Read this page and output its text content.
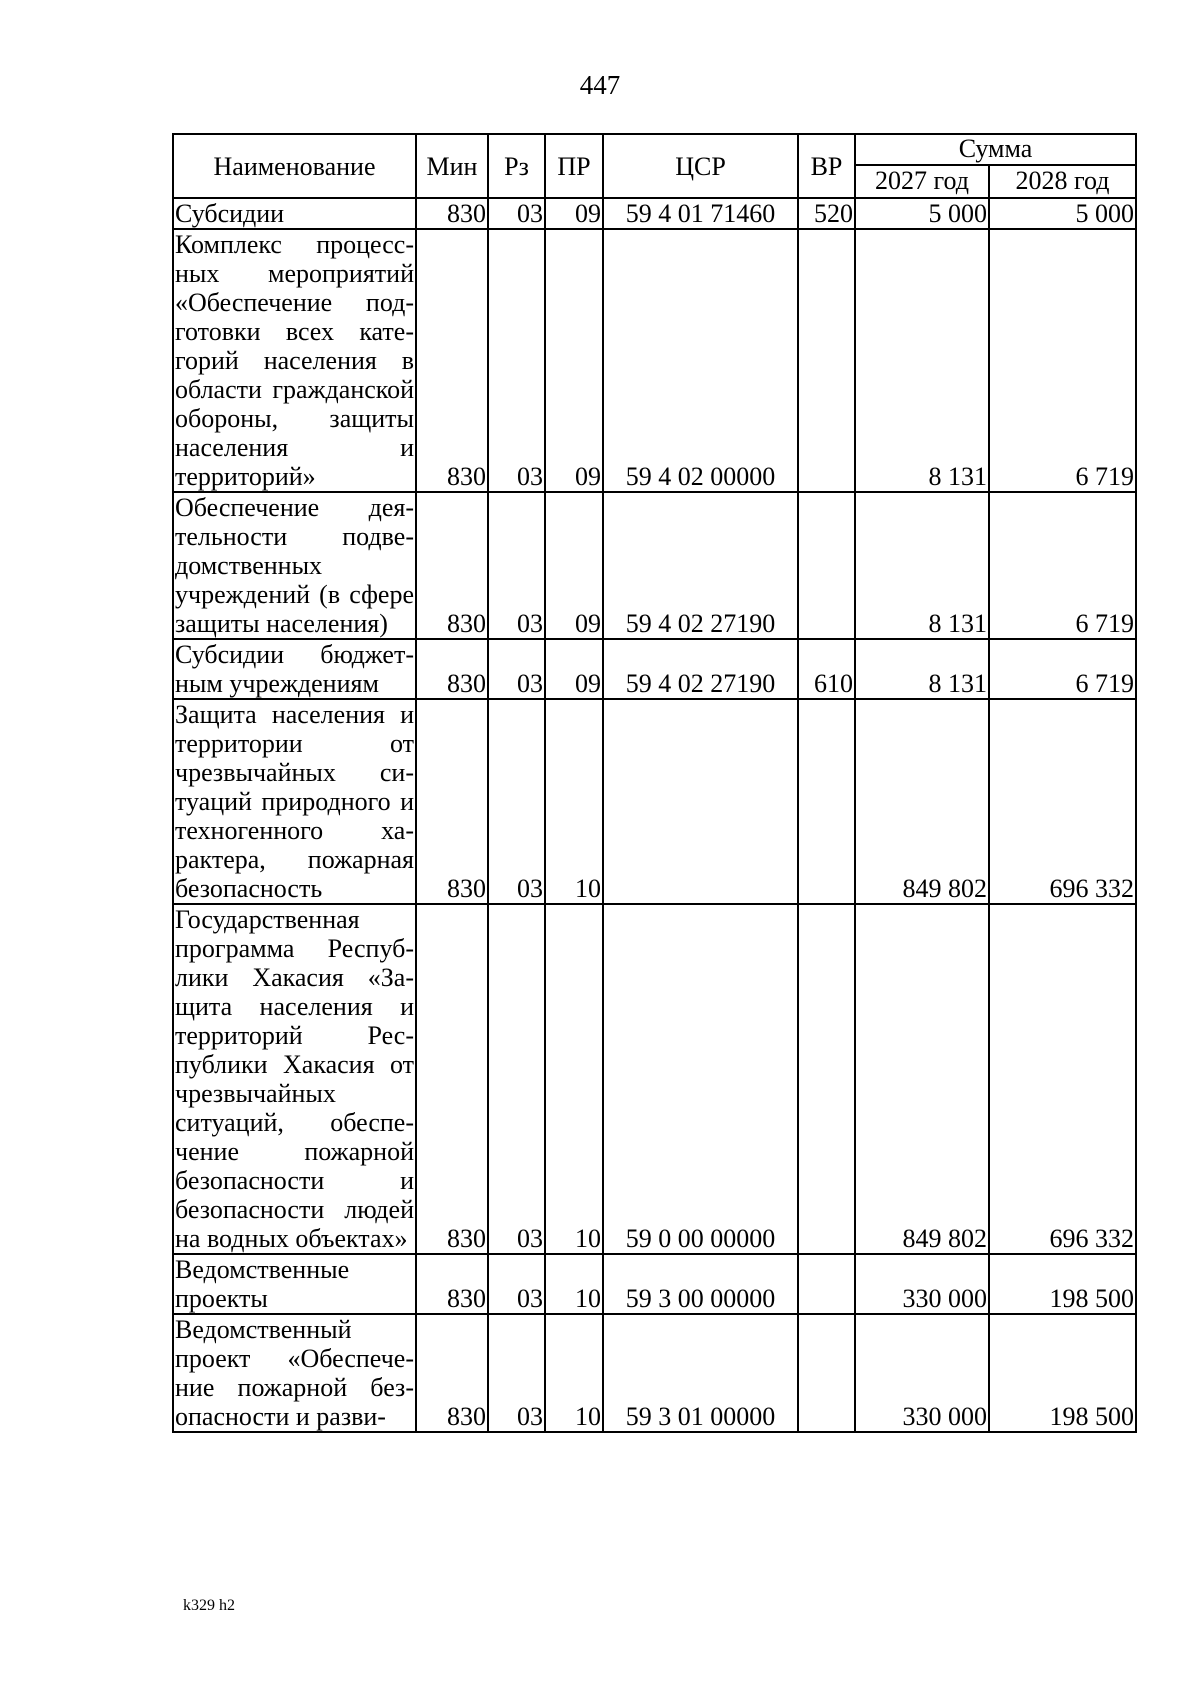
447
Наименование	Мин	Рз	ПР	ЦСР	ВР	Сумма	
						2027 год	2028 год
Субсидии	830	03	09	59 4 01 71460	520	5 000	5 000
Комплекс процессных мероприятий «Обеспечение подготовки всех категорий населения в области гражданской обороны, защиты населения и территорий»	830	03	09	59 4 02 00000		8 131	6 719
Обеспечение деятельности подведомственных учреждений (в сфере защиты населения)	830	03	09	59 4 02 27190		8 131	6 719
Субсидии бюджетным учреждениям	830	03	09	59 4 02 27190	610	8 131	6 719
Защита населения и территории от чрезвычайных ситуаций природного и техногенного характера, пожарная безопасность	830	03	10			849 802	696 332
Государственная программа Республики Хакасия «Защита населения и территорий Республики Хакасия от чрезвычайных ситуаций, обеспечение пожарной безопасности и безопасности людей на водных объектах»	830	03	10	59 0 00 00000		849 802	696 332
Ведомственные проекты	830	03	10	59 3 00 00000		330 000	198 500
Ведомственный проект «Обеспечение пожарной безопасности и разви-	830	03	10	59 3 01 00000		330 000	198 500
k329 h2
